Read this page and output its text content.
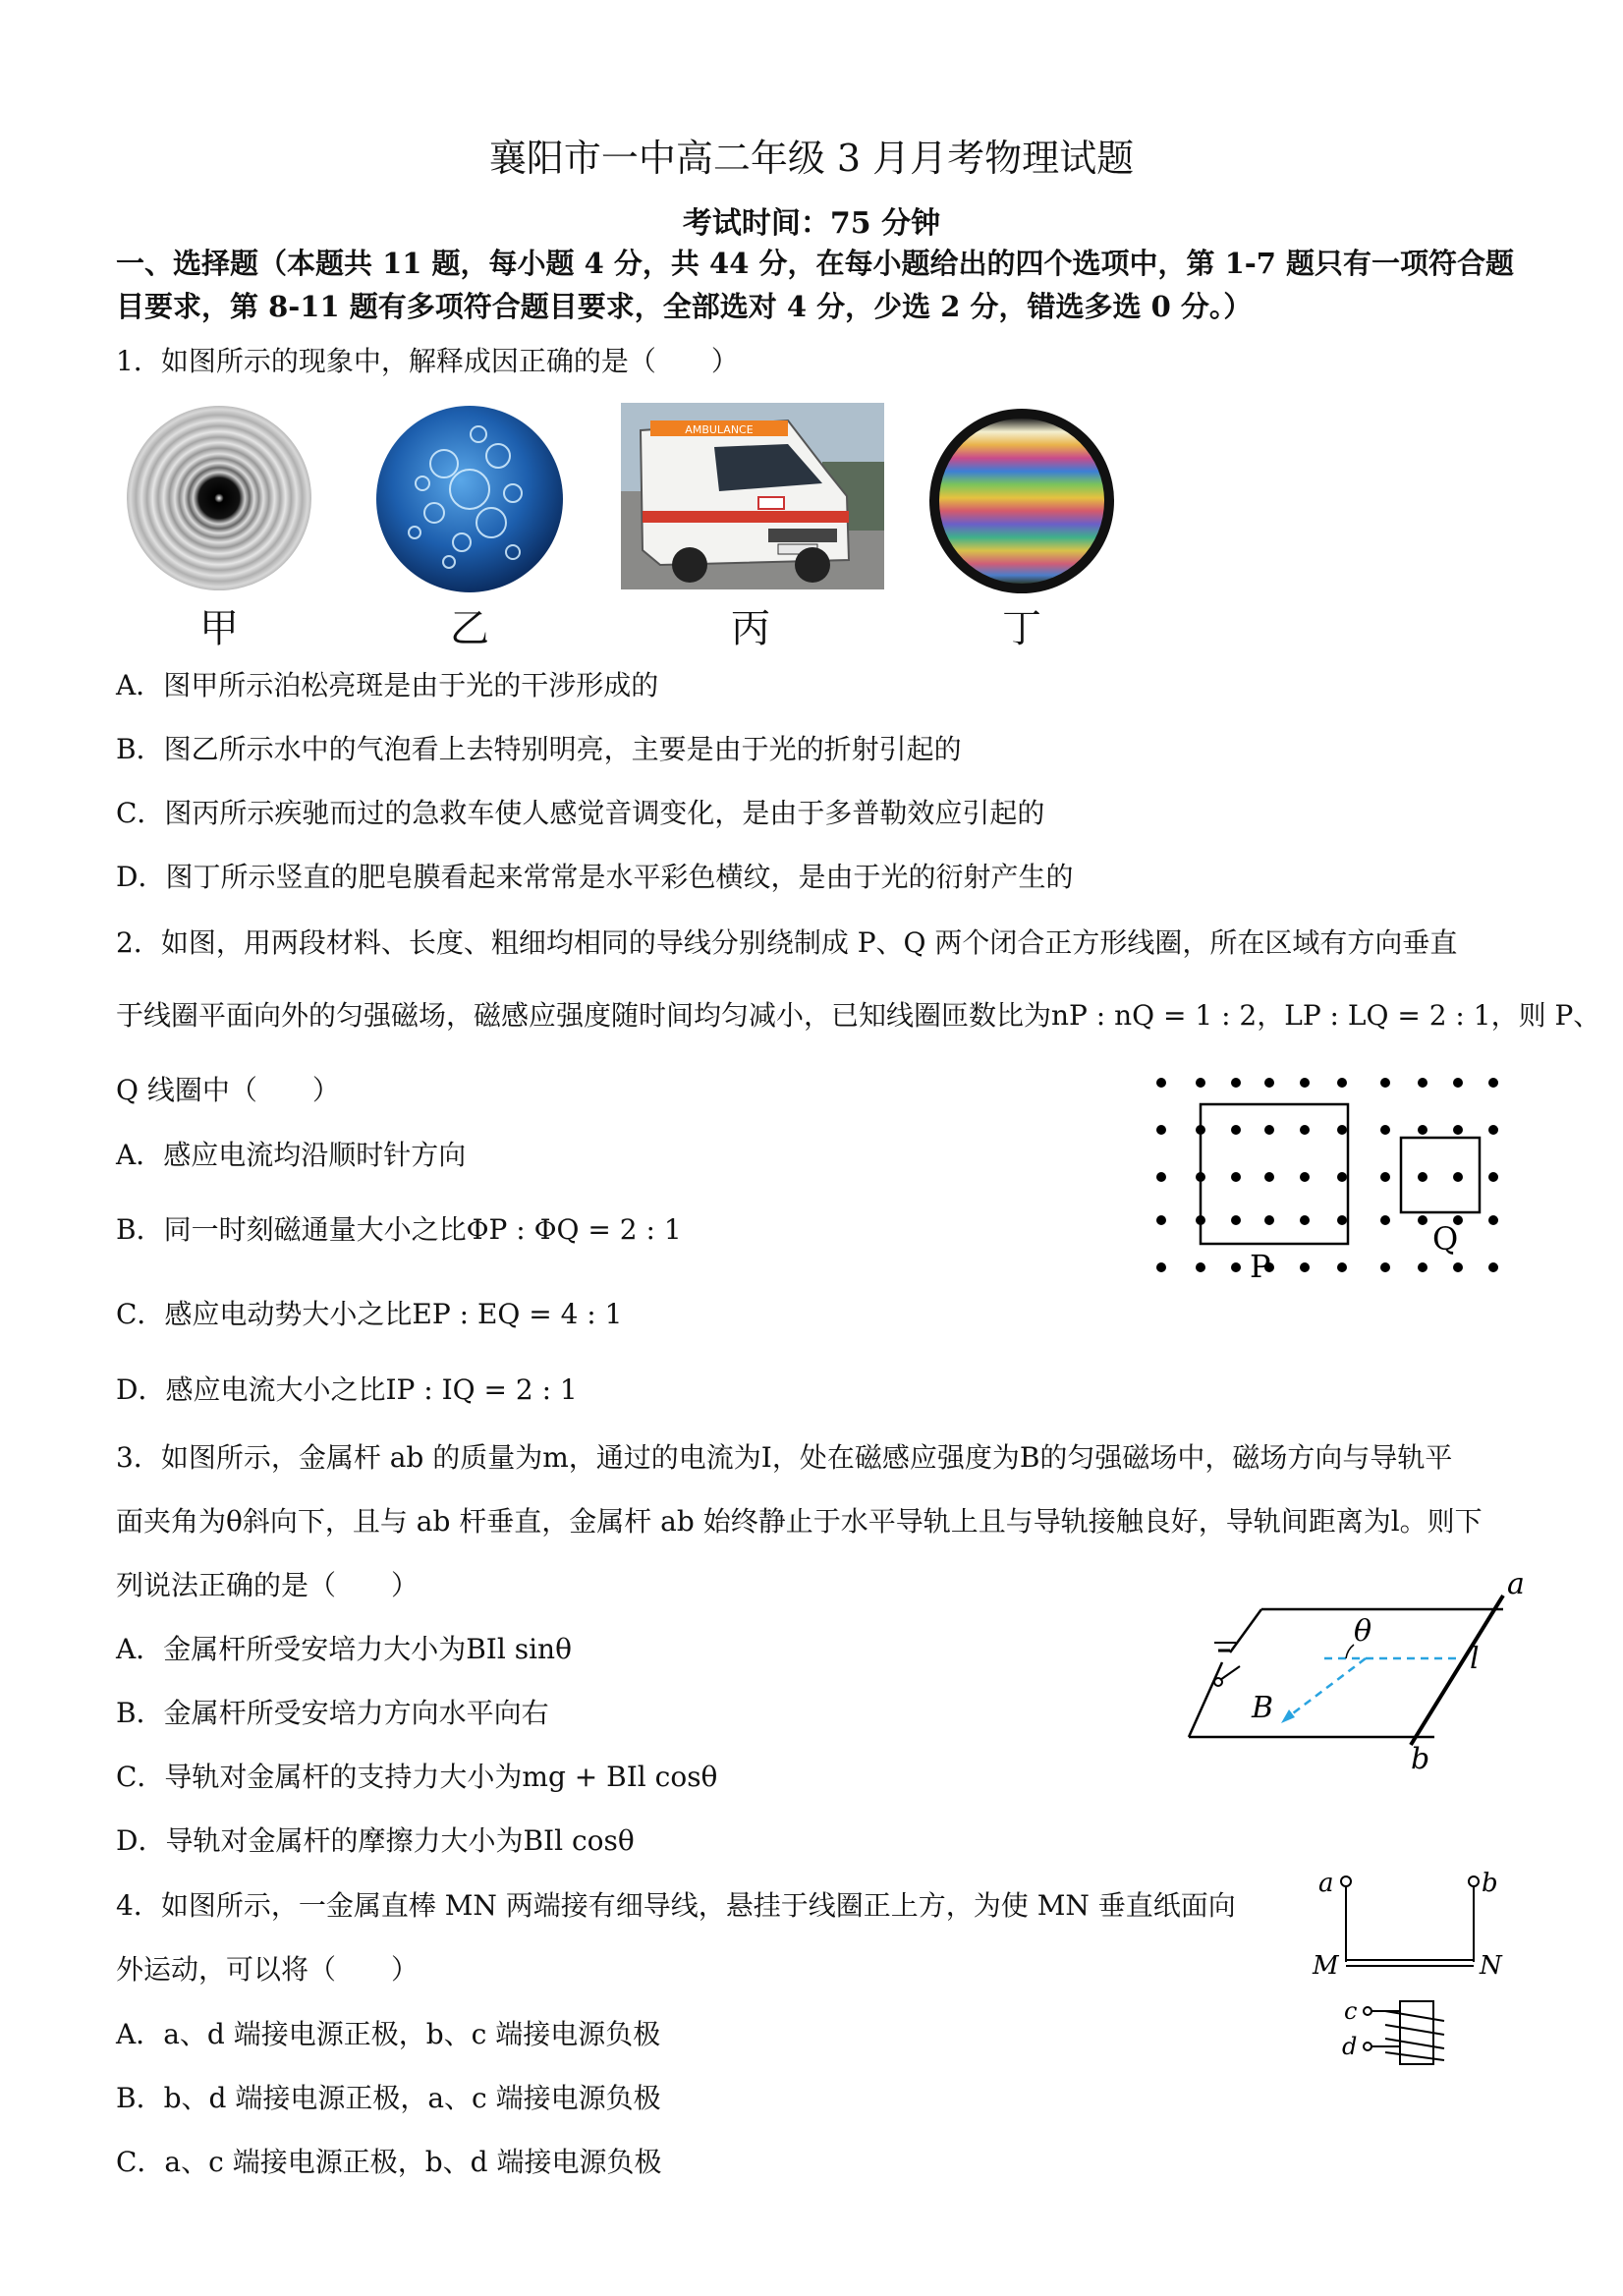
襄阳市一中高二年级 3 月月考物理试题
考试时间：75 分钟
一、选择题（本题共 11 题，每小题 4 分，共 44 分，在每小题给出的四个选项中，第 1-7 题只有一项符合题目要求，第 8-11 题有多项符合题目要求，全部选对 4 分，少选 2 分，错选多选 0 分。）
1．如图所示的现象中，解释成因正确的是（　　）
甲	乙
AMBULANCE
丙	丁
A．图甲所示泊松亮斑是由于光的干涉形成的
B．图乙所示水中的气泡看上去特别明亮，主要是由于光的折射引起的
C．图丙所示疾驰而过的急救车使人感觉音调变化，是由于多普勒效应引起的
D．图丁所示竖直的肥皂膜看起来常常是水平彩色横纹，是由于光的衍射产生的
2．如图，用两段材料、长度、粗细均相同的导线分别绕制成 P、Q 两个闭合正方形线圈，所在区域有方向垂直
于线圈平面向外的匀强磁场，磁感应强度随时间均匀减小，已知线圈匝数比为nP : nQ = 1 : 2，LP : LQ = 2 : 1，则 P、
Q 线圈中（　　）
A．感应电流均沿顺时针方向
B．同一时刻磁通量大小之比ΦP : ΦQ = 2 : 1
C．感应电动势大小之比EP : EQ = 4 : 1
D．感应电流大小之比IP : IQ = 2 : 1
P
Q
3．如图所示，金属杆 ab 的质量为m，通过的电流为I，处在磁感应强度为B的匀强磁场中，磁场方向与导轨平
面夹角为θ斜向下，且与 ab 杆垂直，金属杆 ab 始终静止于水平导轨上且与导轨接触良好，导轨间距离为l。则下
列说法正确的是（　　）
A．金属杆所受安培力大小为BIl sinθ
B．金属杆所受安培力方向水平向右
C．导轨对金属杆的支持力大小为mg + BIl cosθ
D．导轨对金属杆的摩擦力大小为BIl cosθ
a
b
B
θ
l
4．如图所示，一金属直棒 MN 两端接有细导线，悬挂于线圈正上方，为使 MN 垂直纸面向
外运动，可以将（　　）
A．a、d 端接电源正极，b、c 端接电源负极
B．b、d 端接电源正极，a、c 端接电源负极
C．a、c 端接电源正极，b、d 端接电源负极
a	b
M	N
c
d
